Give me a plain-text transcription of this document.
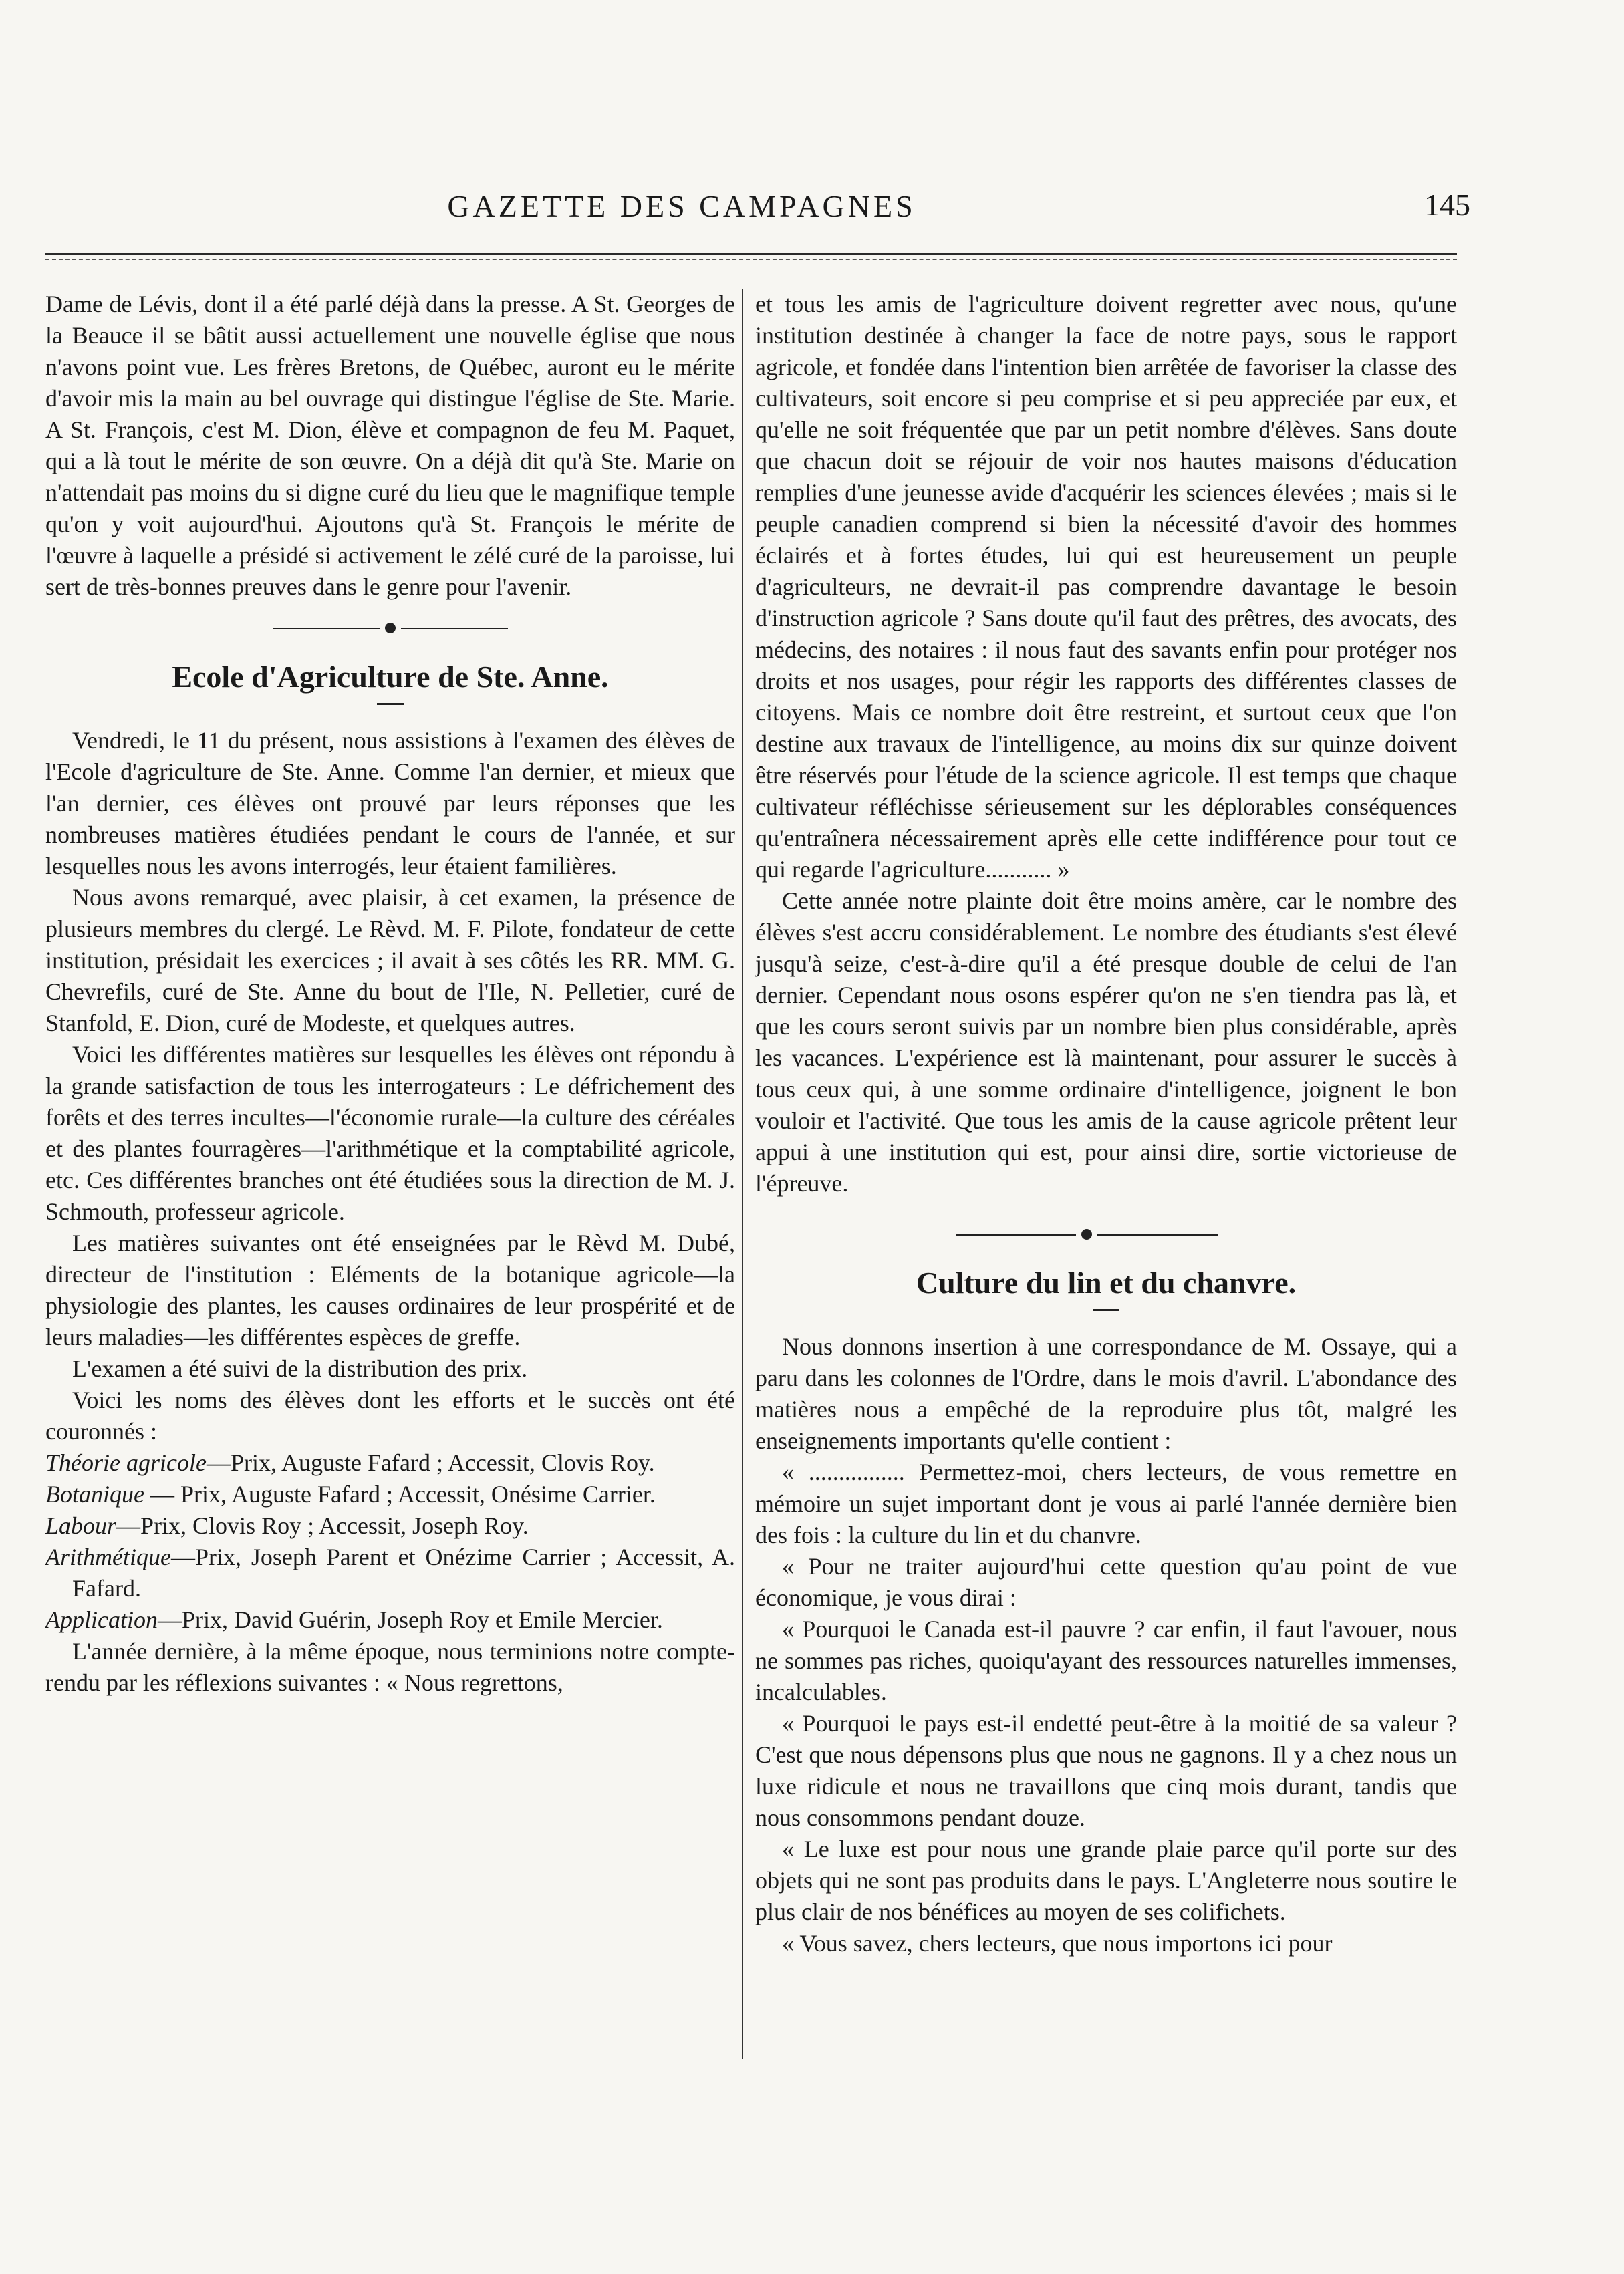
GAZETTE DES CAMPAGNES	145

Dame de Lévis, dont il a été parlé déjà dans la presse. A St. Georges de la Beauce il se bâtit aussi actuellement une nouvelle église que nous n'avons point vue. Les frères Bretons, de Québec, auront eu le mérite d'avoir mis la main au bel ouvrage qui distingue l'église de Ste. Marie. A St. François, c'est M. Dion, élève et compagnon de feu M. Paquet, qui a là tout le mérite de son œuvre. On a déjà dit qu'à Ste. Marie on n'attendait pas moins du si digne curé du lieu que le magnifique temple qu'on y voit aujourd'hui. Ajoutons qu'à St. François le mérite de l'œuvre à laquelle a présidé si activement le zélé curé de la paroisse, lui sert de très-bonnes preuves dans le genre pour l'avenir.

Ecole d'Agriculture de Ste. Anne.

Vendredi, le 11 du présent, nous assistions à l'examen des élèves de l'Ecole d'agriculture de Ste. Anne. Comme l'an dernier, et mieux que l'an dernier, ces élèves ont prouvé par leurs réponses que les nombreuses matières étudiées pendant le cours de l'année, et sur lesquelles nous les avons interrogés, leur étaient familières.

Nous avons remarqué, avec plaisir, à cet examen, la présence de plusieurs membres du clergé. Le Rèvd. M. F. Pilote, fondateur de cette institution, présidait les exercices ; il avait à ses côtés les RR. MM. G. Chevrefils, curé de Ste. Anne du bout de l'Ile, N. Pelletier, curé de Stanfold, E. Dion, curé de Modeste, et quelques autres.

Voici les différentes matières sur lesquelles les élèves ont répondu à la grande satisfaction de tous les interrogateurs : Le défrichement des forêts et des terres incultes—l'économie rurale—la culture des céréales et des plantes fourragères—l'arithmétique et la comptabilité agricole, etc. Ces différentes branches ont été étudiées sous la direction de M. J. Schmouth, professeur agricole.

Les matières suivantes ont été enseignées par le Rèvd M. Dubé, directeur de l'institution : Eléments de la botanique agricole—la physiologie des plantes, les causes ordinaires de leur prospérité et de leurs maladies—les différentes espèces de greffe.

L'examen a été suivi de la distribution des prix.

Voici les noms des élèves dont les efforts et le succès ont été couronnés :

Théorie agricole—Prix, Auguste Fafard ; Accessit, Clovis Roy.

Botanique — Prix, Auguste Fafard ; Accessit, Onésime Carrier.

Labour—Prix, Clovis Roy ; Accessit, Joseph Roy.

Arithmétique—Prix, Joseph Parent et Onézime Carrier ; Accessit, A. Fafard.

Application—Prix, David Guérin, Joseph Roy et Emile Mercier.

L'année dernière, à la même époque, nous terminions notre compte-rendu par les réflexions suivantes : « Nous regrettons,

et tous les amis de l'agriculture doivent regretter avec nous, qu'une institution destinée à changer la face de notre pays, sous le rapport agricole, et fondée dans l'intention bien arrêtée de favoriser la classe des cultivateurs, soit encore si peu comprise et si peu appreciée par eux, et qu'elle ne soit fréquentée que par un petit nombre d'élèves. Sans doute que chacun doit se réjouir de voir nos hautes maisons d'éducation remplies d'une jeunesse avide d'acquérir les sciences élevées ; mais si le peuple canadien comprend si bien la nécessité d'avoir des hommes éclairés et à fortes études, lui qui est heureusement un peuple d'agriculteurs, ne devrait-il pas comprendre davantage le besoin d'instruction agricole ? Sans doute qu'il faut des prêtres, des avocats, des médecins, des notaires : il nous faut des savants enfin pour protéger nos droits et nos usages, pour régir les rapports des différentes classes de citoyens. Mais ce nombre doit être restreint, et surtout ceux que l'on destine aux travaux de l'intelligence, au moins dix sur quinze doivent être réservés pour l'étude de la science agricole. Il est temps que chaque cultivateur réfléchisse sérieusement sur les déplorables conséquences qu'entraînera nécessairement après elle cette indifférence pour tout ce qui regarde l'agriculture........... »

Cette année notre plainte doit être moins amère, car le nombre des élèves s'est accru considérablement. Le nombre des étudiants s'est élevé jusqu'à seize, c'est-à-dire qu'il a été presque double de celui de l'an dernier. Cependant nous osons espérer qu'on ne s'en tiendra pas là, et que les cours seront suivis par un nombre bien plus considérable, après les vacances. L'expérience est là maintenant, pour assurer le succès à tous ceux qui, à une somme ordinaire d'intelligence, joignent le bon vouloir et l'activité. Que tous les amis de la cause agricole prêtent leur appui à une institution qui est, pour ainsi dire, sortie victorieuse de l'épreuve.

Culture du lin et du chanvre.

Nous donnons insertion à une correspondance de M. Ossaye, qui a paru dans les colonnes de l'Ordre, dans le mois d'avril. L'abondance des matières nous a empêché de la reproduire plus tôt, malgré les enseignements importants qu'elle contient :

« ................ Permettez-moi, chers lecteurs, de vous remettre en mémoire un sujet important dont je vous ai parlé l'année dernière bien des fois : la culture du lin et du chanvre.

« Pour ne traiter aujourd'hui cette question qu'au point de vue économique, je vous dirai :

« Pourquoi le Canada est-il pauvre ? car enfin, il faut l'avouer, nous ne sommes pas riches, quoiqu'ayant des ressources naturelles immenses, incalculables.

« Pourquoi le pays est-il endetté peut-être à la moitié de sa valeur ? C'est que nous dépensons plus que nous ne gagnons. Il y a chez nous un luxe ridicule et nous ne travaillons que cinq mois durant, tandis que nous consommons pendant douze.

« Le luxe est pour nous une grande plaie parce qu'il porte sur des objets qui ne sont pas produits dans le pays. L'Angleterre nous soutire le plus clair de nos bénéfices au moyen de ses colifichets.

« Vous savez, chers lecteurs, que nous importons ici pour
